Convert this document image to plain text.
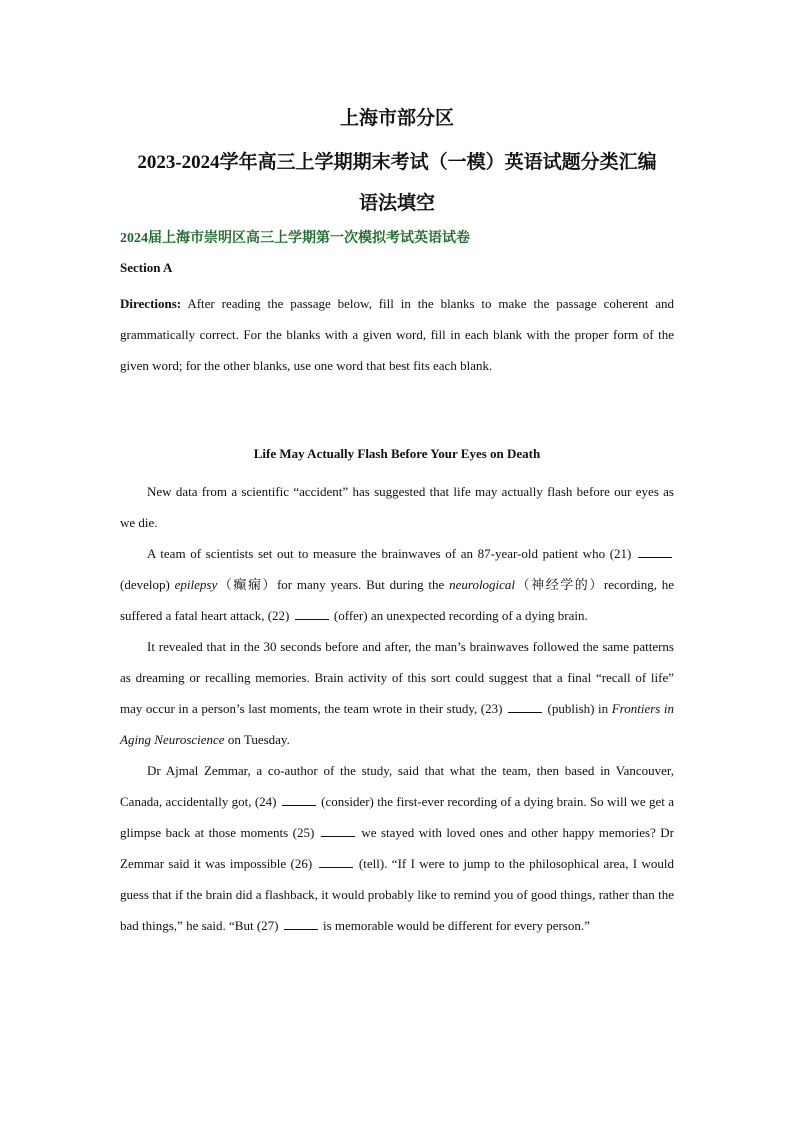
上海市部分区
2023-2024学年高三上学期期末考试（一模）英语试题分类汇编
语法填空

2024届上海市崇明区高三上学期第一次模拟考试英语试卷

Section A

Directions: After reading the passage below, fill in the blanks to make the passage coherent and grammatically correct. For the blanks with a given word, fill in each blank with the proper form of the given word; for the other blanks, use one word that best fits each blank.

Life May Actually Flash Before Your Eyes on Death

New data from a scientific “accident” has suggested that life may actually flash before our eyes as we die.

A team of scientists set out to measure the brainwaves of an 87-year-old patient who (21)  (develop) epilepsy（癫痫）for many years. But during the neurological（神经学的）recording, he suffered a fatal heart attack, (22)	(offer) an unexpected recording of a dying brain.

It revealed that in the 30 seconds before and after, the man’s brainwaves followed the same patterns as dreaming or recalling memories. Brain activity of this sort could suggest that a final “recall of life” may occur in a person’s last moments, the team wrote in their study, (23)	(publish) in Frontiers in Aging Neuroscience on Tuesday.

Dr Ajmal Zemmar, a co-author of the study, said that what the team, then based in Vancouver, Canada, accidentally got, (24)	(consider) the first-ever recording of a dying brain. So will we get a glimpse back at those moments (25)	we stayed with loved ones and other happy memories? Dr Zemmar said it was impossible (26)	(tell). “If I were to jump to the philosophical area, I would guess that if the brain did a flashback, it would probably like to remind you of good things, rather than the bad things,” he said. “But (27)	is memorable would be different for every person.”
